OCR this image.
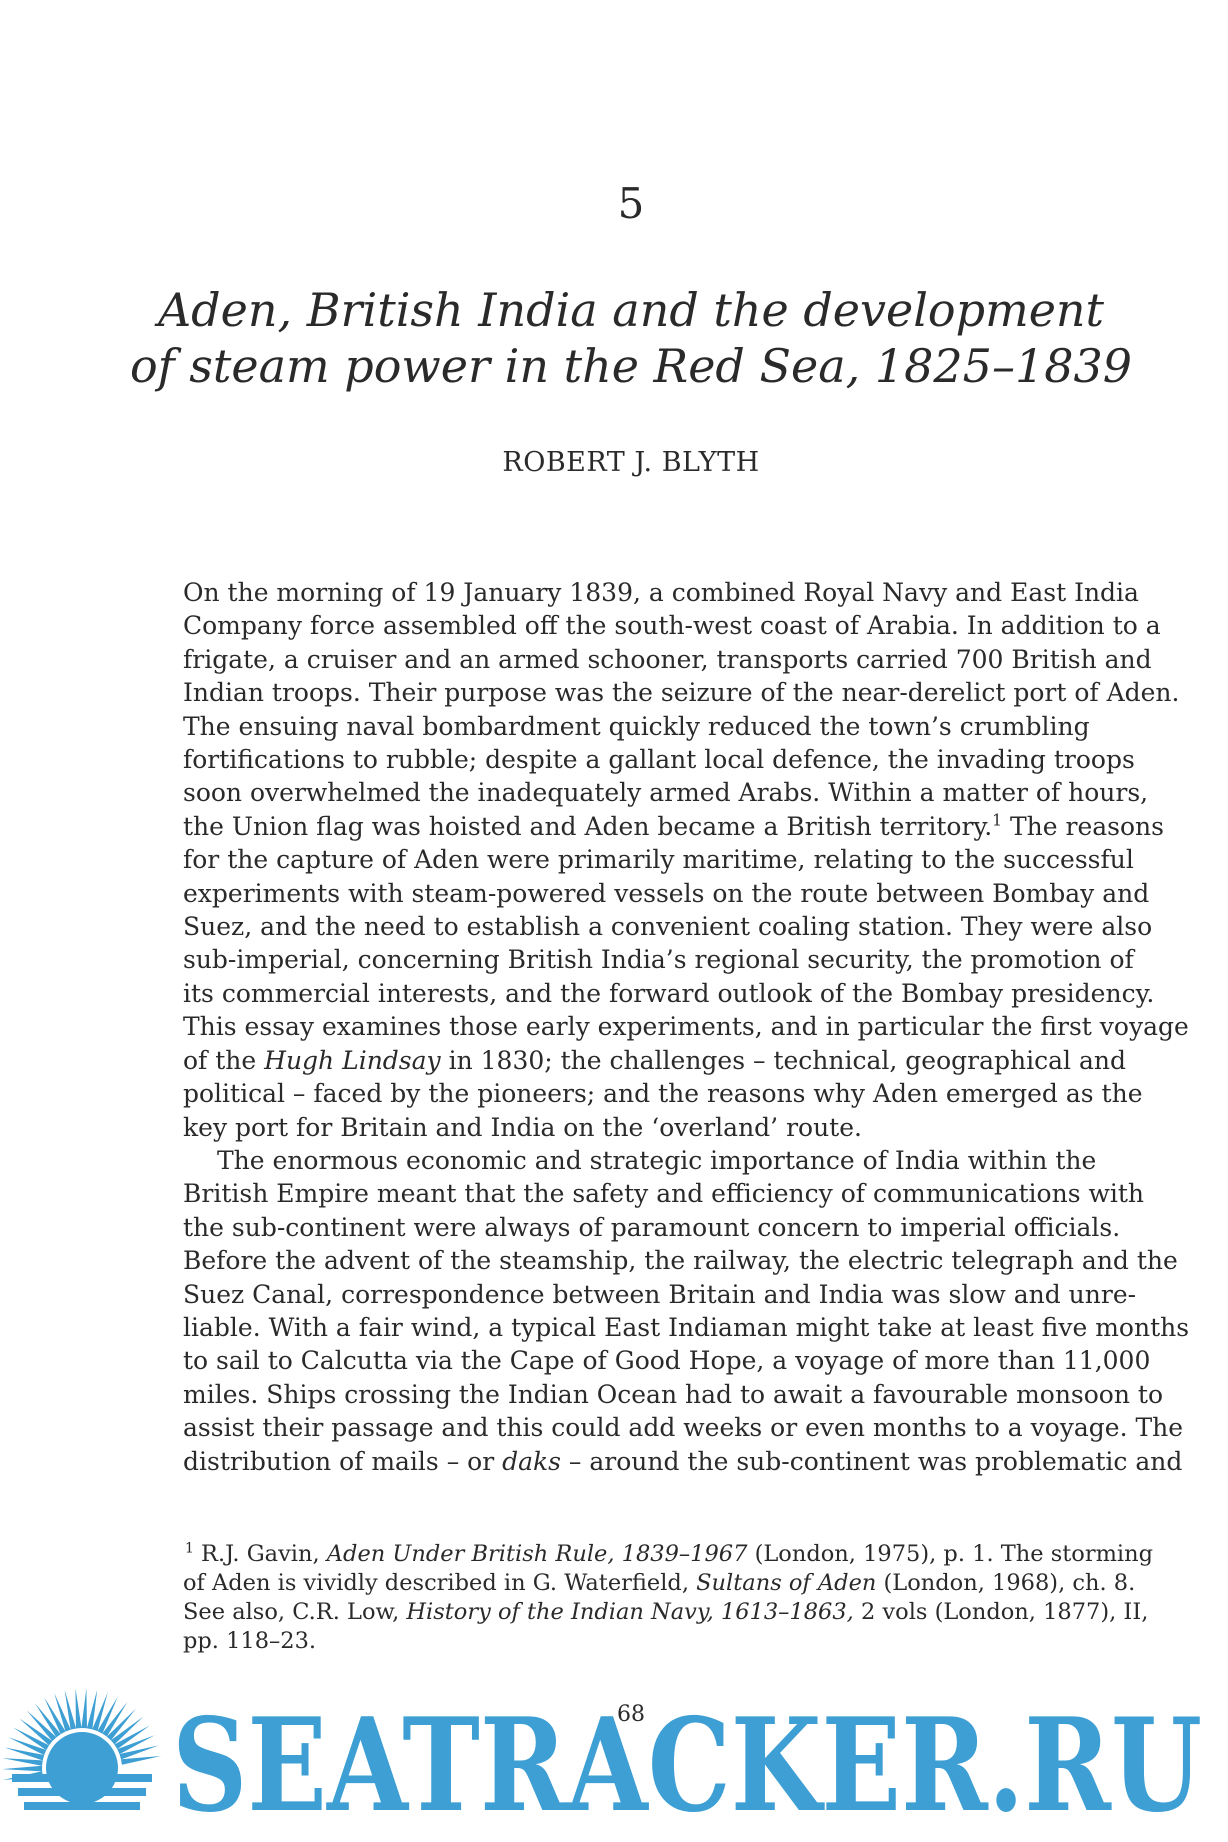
5
Aden, British India and the development
of steam power in the Red Sea, 1825–1839
ROBERT J. BLYTH
On the morning of 19 January 1839, a combined Royal Navy and East India
Company force assembled off the south-west coast of Arabia. In addition to a
frigate, a cruiser and an armed schooner, transports carried 700 British and
Indian troops. Their purpose was the seizure of the near-derelict port of Aden.
The ensuing naval bombardment quickly reduced the town’s crumbling
fortifications to rubble; despite a gallant local defence, the invading troops
soon overwhelmed the inadequately armed Arabs. Within a matter of hours,
the Union flag was hoisted and Aden became a British territory.$^1$ The reasons
for the capture of Aden were primarily maritime, relating to the successful
experiments with steam-powered vessels on the route between Bombay and
Suez, and the need to establish a convenient coaling station. They were also
sub-imperial, concerning British India’s regional security, the promotion of
its commercial interests, and the forward outlook of the Bombay presidency.
This essay examines those early experiments, and in particular the first voyage
of the Hugh Lindsay in 1830; the challenges – technical, geographical and
political – faced by the pioneers; and the reasons why Aden emerged as the
key port for Britain and India on the ‘overland’ route.
The enormous economic and strategic importance of India within the
British Empire meant that the safety and efficiency of communications with
the sub-continent were always of paramount concern to imperial officials.
Before the advent of the steamship, the railway, the electric telegraph and the
Suez Canal, correspondence between Britain and India was slow and unre-
liable. With a fair wind, a typical East Indiaman might take at least five months
to sail to Calcutta via the Cape of Good Hope, a voyage of more than 11,000
miles. Ships crossing the Indian Ocean had to await a favourable monsoon to
assist their passage and this could add weeks or even months to a voyage. The
distribution of mails – or daks – around the sub-continent was problematic and
$^1$ R.J. Gavin, Aden Under British Rule, 1839–1967 (London, 1975), p. 1. The storming
of Aden is vividly described in G. Waterfield, Sultans of Aden (London, 1968), ch. 8.
See also, C.R. Low, History of the Indian Navy, 1613–1863, 2 vols (London, 1877), II,
pp. 118–23.
SEATRACKER.RU
68
